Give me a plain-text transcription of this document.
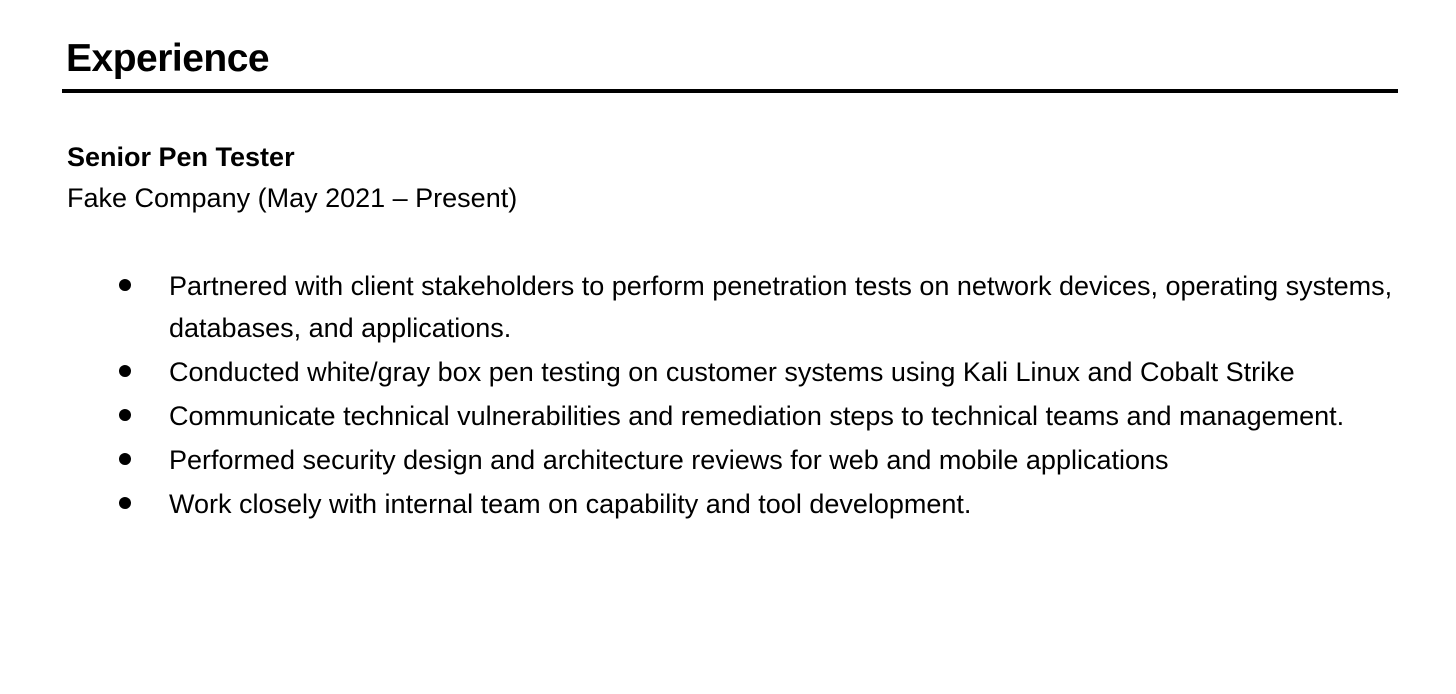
Experience
Senior Pen Tester
Fake Company (May 2021 – Present)
Partnered with client stakeholders to perform penetration tests on network devices, operating systems, databases, and applications.
Conducted white/gray box pen testing on customer systems using Kali Linux and Cobalt Strike
Communicate technical vulnerabilities and remediation steps to technical teams and management.
Performed security design and architecture reviews for web and mobile applications
Work closely with internal team on capability and tool development.
